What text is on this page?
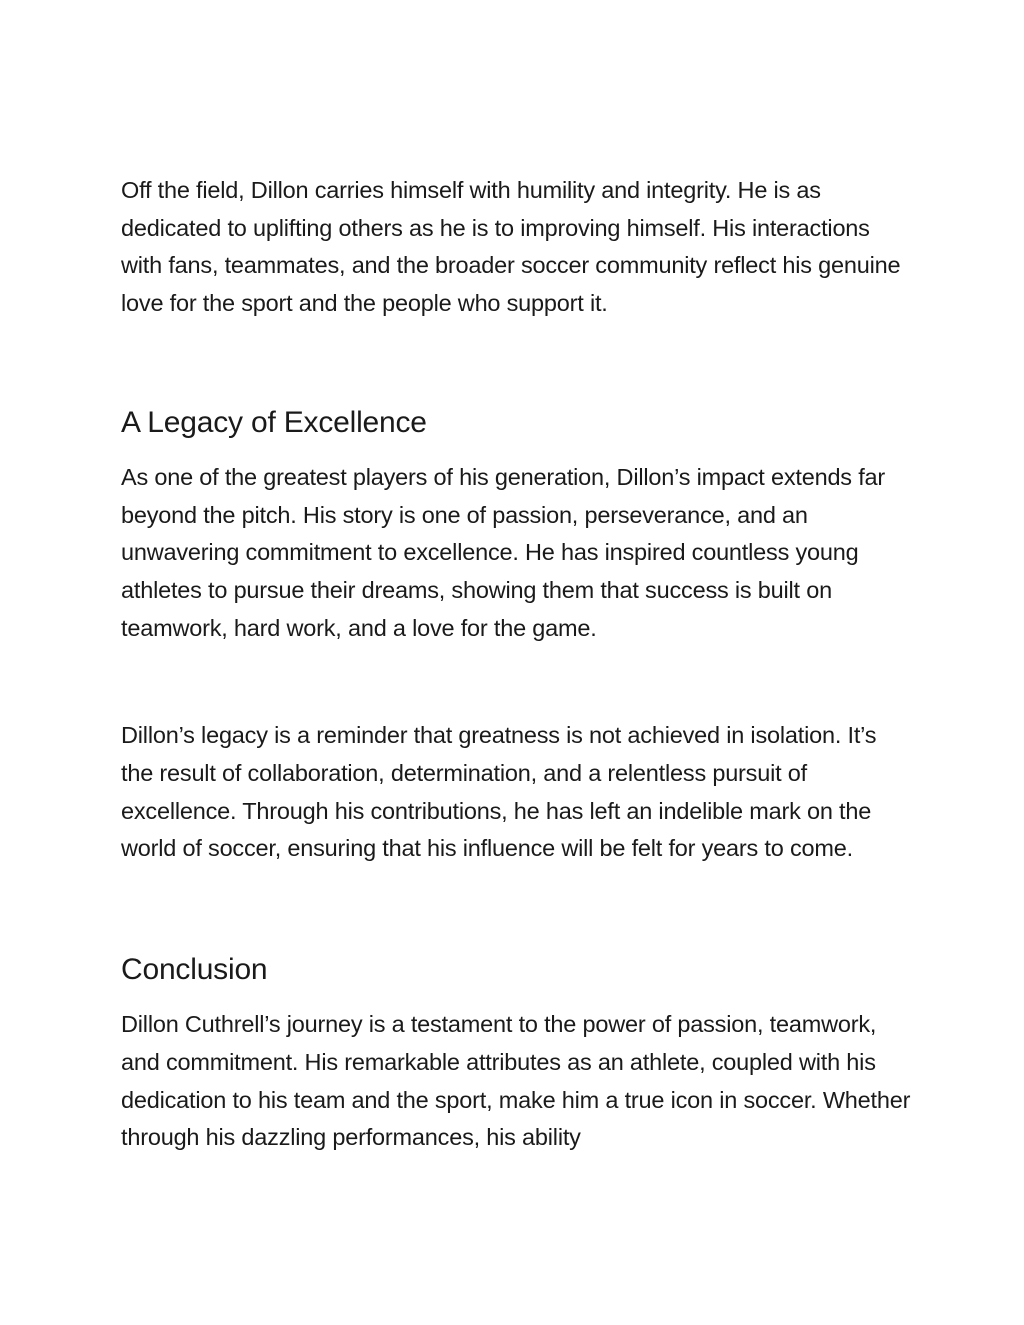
Off the field, Dillon carries himself with humility and integrity. He is as dedicated to uplifting others as he is to improving himself. His interactions with fans, teammates, and the broader soccer community reflect his genuine love for the sport and the people who support it.

A Legacy of Excellence

As one of the greatest players of his generation, Dillon’s impact extends far beyond the pitch. His story is one of passion, perseverance, and an unwavering commitment to excellence. He has inspired countless young athletes to pursue their dreams, showing them that success is built on teamwork, hard work, and a love for the game.

Dillon’s legacy is a reminder that greatness is not achieved in isolation. It’s the result of collaboration, determination, and a relentless pursuit of excellence. Through his contributions, he has left an indelible mark on the world of soccer, ensuring that his influence will be felt for years to come.

Conclusion

Dillon Cuthrell’s journey is a testament to the power of passion, teamwork, and commitment. His remarkable attributes as an athlete, coupled with his dedication to his team and the sport, make him a true icon in soccer. Whether through his dazzling performances, his ability
